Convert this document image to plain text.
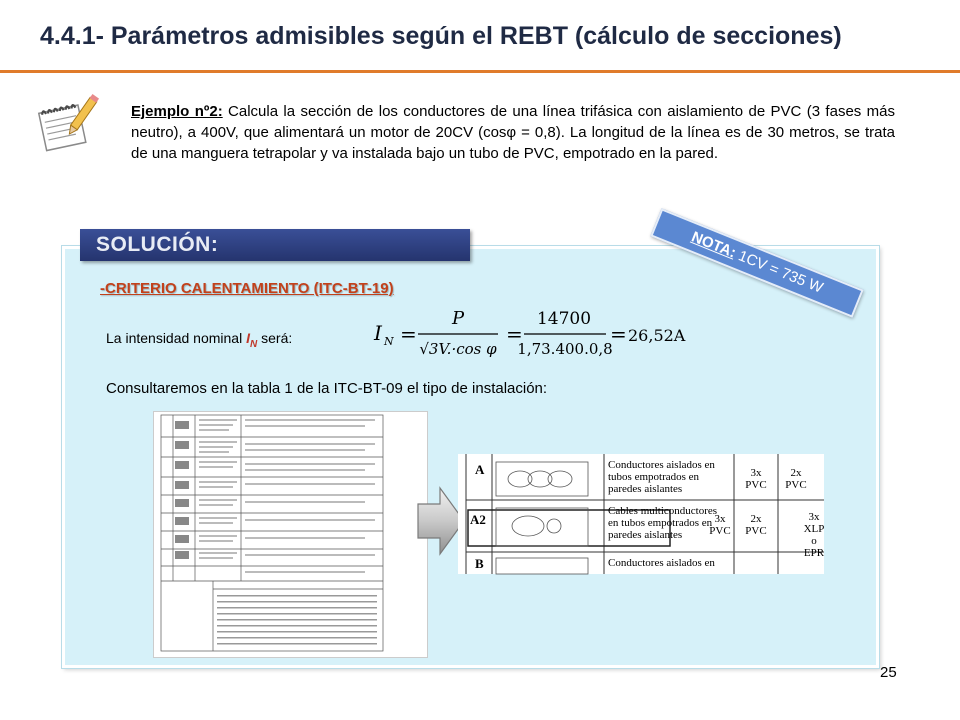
4.4.1- Parámetros admisibles según el REBT (cálculo de secciones)
Ejemplo nº2: Calcula la sección de los conductores de una línea trifásica con aislamiento de PVC (3 fases más neutro), a 400V, que alimentará un motor de 20CV (cosφ = 0,8). La longitud de la línea es de 30 metros, se trata de una manguera tetrapolar y va instalada bajo un tubo de PVC, empotrado en la pared.
SOLUCIÓN:	NOTA: 1CV = 735 W
-CRITERIO CALENTAMIENTO (ITC-BT-19)
La intensidad nominal $I_N$ será:	I N =
P
√3V.·cos φ
=
14700
1,73.400.0,8
= 26,52A
Consultaremos en la tabla 1 de la ITC-BT-09 el tipo de instalación:
A
A2
B
Conductores aislados en
tubos empotrados en
paredes aislantes
Cables multiconductores
en tubos empotrados en
paredes aislantes
Conductores aislados en
3x
PVC
2x
PVC
3x
PVC
2x
PVC
3x
XLP
o
EPR
25
